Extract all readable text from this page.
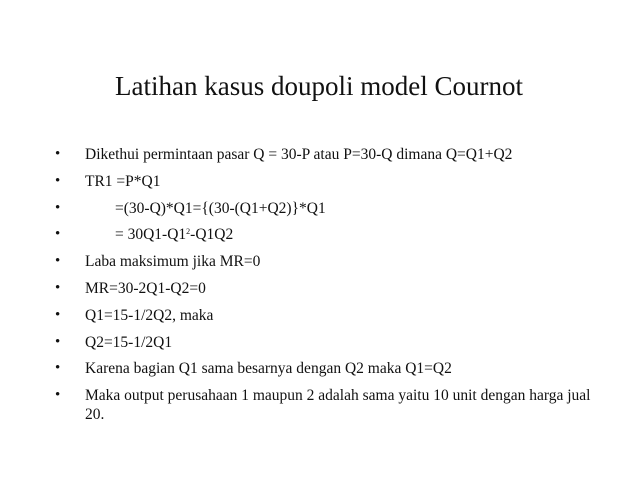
Latihan kasus doupoli model Cournot
•	Dikethui permintaan pasar Q = 30-P atau P=30-Q dimana Q=Q1+Q2
•	TR1 =P*Q1
•	=(30-Q)*Q1={(30-(Q1+Q2)}*Q1
•	= $30Q1-Q1^2-Q1Q2$
•	Laba maksimum jika MR=0
•	MR=30-2Q1-Q2=0
•	Q1=15-1/2Q2, maka
•	Q2=15-1/2Q1
•	Karena bagian Q1 sama besarnya dengan Q2 maka Q1=Q2
•	Maka output perusahaan 1 maupun 2 adalah sama yaitu 10 unit dengan harga jual 20.
